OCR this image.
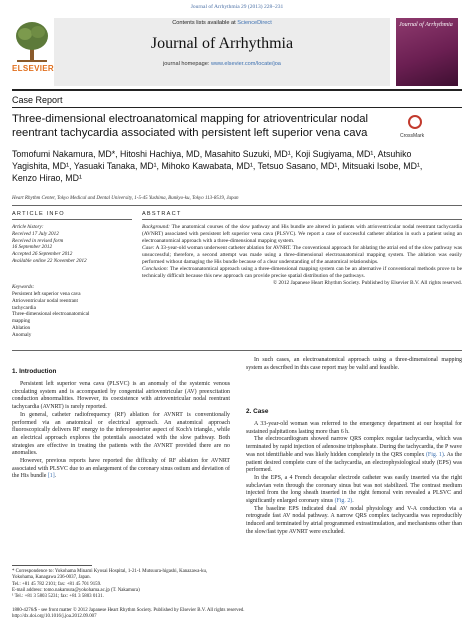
Journal of Arrhythmia 29 (2013) 228–231
Contents lists available at ScienceDirect
Journal of Arrhythmia
journal homepage: www.elsevier.com/locate/joa
ELSEVIER
Journal of Arrhythmia
Case Report
Three-dimensional electroanatomical mapping for atrioventricular nodal reentrant tachycardia associated with persistent left superior vena cava	CrossMark
Tomofumi Nakamura, MD*, Hitoshi Hachiya, MD, Masahito Suzuki, MD¹, Koji Sugiyama, MD¹, Atsuhiko Yagishita, MD¹, Yasuaki Tanaka, MD¹, Mihoko Kawabata, MD¹, Tetsuo Sasano, MD¹, Mitsuaki Isobe, MD¹, Kenzo Hirao, MD¹
Heart Rhythm Center, Tokyo Medical and Dental University, 1-5-45 Yushima, Bunkyo-ku, Tokyo 113-8519, Japan
ARTICLE INFO
Article history:
Received 17 July 2012
Received in revised form
16 September 2012
Accepted 26 September 2012
Available online 22 November 2012
Keywords:
Persistent left superior vena cava
Atrioventricular nodal reentrant
tachycardia
Three-dimensional electroanatomical
mapping
Ablation
Anomaly
ABSTRACT
Background: The anatomical courses of the slow pathway and His bundle are altered in patients with atrioventricular nodal reentrant tachycardia (AVNRT) associated with persistent left superior vena cava (PLSVC). We report a case of successful catheter ablation in such a patient using an electroanatomical approach with a three-dimensional mapping system.
Case: A 33-year-old woman underwent catheter ablation for AVNRT. The conventional approach for ablating the atrial end of the slow pathway was unsuccessful; therefore, a second attempt was made using a three-dimensional electroanatomical mapping system. The ablation was easily performed without damaging the His bundle because of a clear understanding of the anatomical relationships.
Conclusion: The electroanatomical approach using a three-dimensional mapping system can be an alternative if conventional methods prove to be technically difficult because this new approach can provide precise spatial distribution of the pathways.
© 2012 Japanese Heart Rhythm Society. Published by Elsevier B.V. All rights reserved.
1. Introduction

Persistent left superior vena cava (PLSVC) is an anomaly of the systemic venous circulating system and is accompanied by congenital atrioventricular (AV) preexcitation conduction abnormalities. However, its coexistence with atrioventricular nodal reentrant tachycardia (AVNRT) is rarely reported.

In general, catheter radiofrequency (RF) ablation for AVNRT is conventionally performed via an anatomical or electrical approach. An anatomical approach fluoroscopically delivers RF energy to the inferoposterior aspect of Koch's triangle., while an electrical approach explores the potentials associated with the slow pathway. Both strategies are effective in treating the patients with the AVNRT provided there are no anomalies.

However, previous reports have reported the difficulty of RF ablation for AVNRT associated with PLSVC due to an enlargement of the coronary sinus ostium and deviation of the His bundle [1].

In such cases, an electroanatomical approach using a three-dimensional mapping system as described in this case report may be valid and feasible.

2. Case

A 33-year-old woman was referred to the emergency department at our hospital for sustained palpitations lasting more than 6 h.

The electrocardiogram showed narrow QRS complex regular tachycardia, which was terminated by rapid injection of adenosine triphosphate. During the tachycardia, the P wave was not identifiable and was likely hidden completely in the QRS complex (Fig. 1). As the patient desired complete cure of the tachycardia, an electrophysiological study (EPS) was performed.

In the EPS, a 4 French decapolar electrode catheter was easily inserted via the right subclavian vein through the coronary sinus but was not stabilized. The contrast medium injected from the long sheath inserted in the right femoral vein revealed a PLSVC and significantly enlarged coronary sinus (Fig. 2).

The baseline EPS indicated dual AV nodal physiology and V-A conduction via a retrograde fast AV nodal pathway. A narrow QRS complex tachycardia was reproducibly induced and terminated by atrial programmed extrastimulation, and mechanisms other than the slow/fast type AVNRT were excluded.

* Correspondence to: Yokohama Minami Kyosai Hospital, 1-21-1 Mutsuura-higashi, Kanazawa-ku, Yokohama, Kanagawa 236-0037, Japan.
Tel.: +81 45 782 2101; fax: +81 45 701 9159.
E-mail address: tomo.nakamura@yokohama.ac.jp (T. Nakamura)
¹ Tel.: +81 3 5803 5231; fax: +81 3 5803 0131.
1880-4276/$ - see front matter © 2012 Japanese Heart Rhythm Society. Published by Elsevier B.V. All rights reserved.
http://dx.doi.org/10.1016/j.joa.2012.09.007
